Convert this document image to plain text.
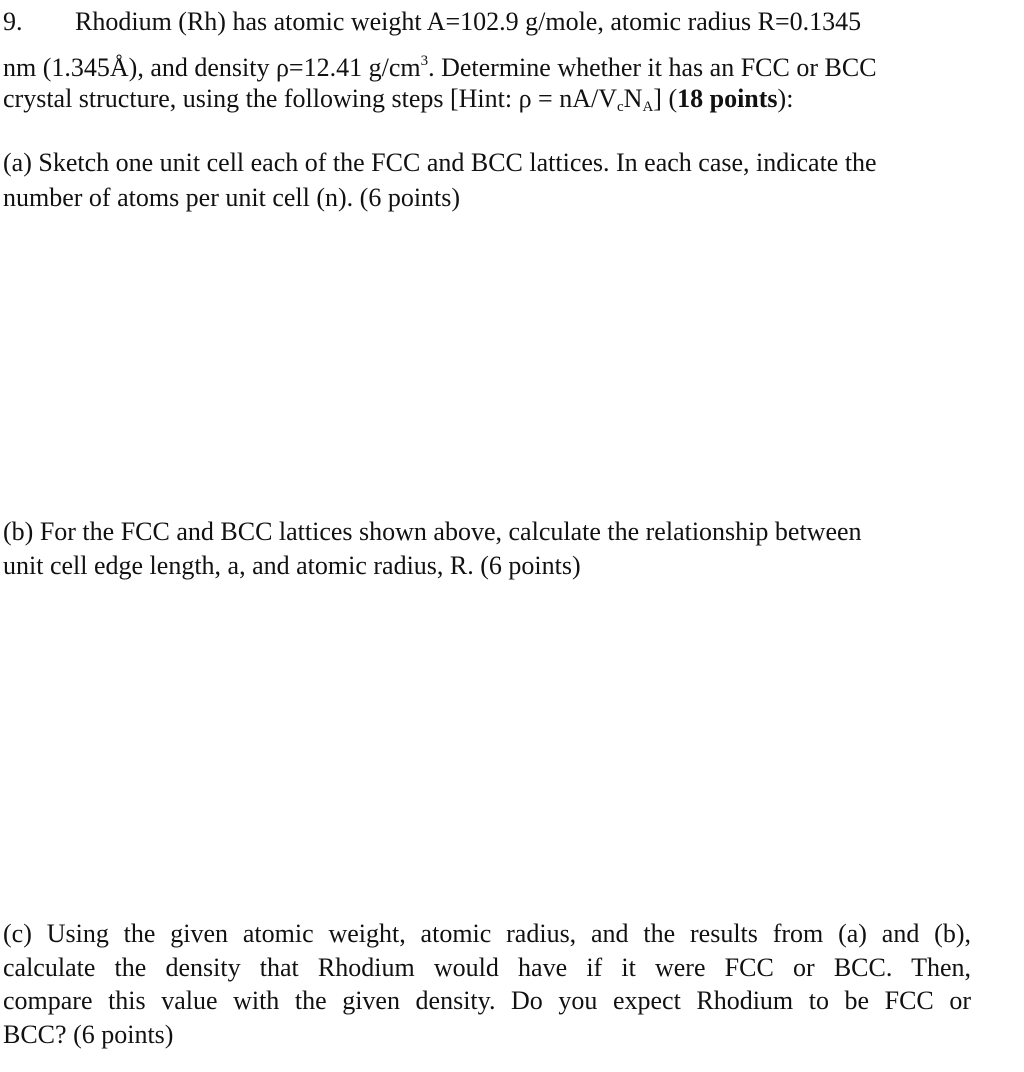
9. Rhodium (Rh) has atomic weight A=102.9 g/mole, atomic radius R=0.1345
nm (1.345Å), and density ρ=12.41 $g/cm^3$. Determine whether it has an FCC or BCC
crystal structure, using the following steps [Hint: $\rho = nA/V_cN_A$] (18 points):
(a) Sketch one unit cell each of the FCC and BCC lattices. In each case, indicate the
number of atoms per unit cell (n). (6 points)
(b) For the FCC and BCC lattices shown above, calculate the relationship between
unit cell edge length, a, and atomic radius, R. (6 points)
(c) Using the given atomic weight, atomic radius, and the results from (a) and (b),
calculate the density that Rhodium would have if it were FCC or BCC. Then,
compare this value with the given density. Do you expect Rhodium to be FCC or
BCC? (6 points)
